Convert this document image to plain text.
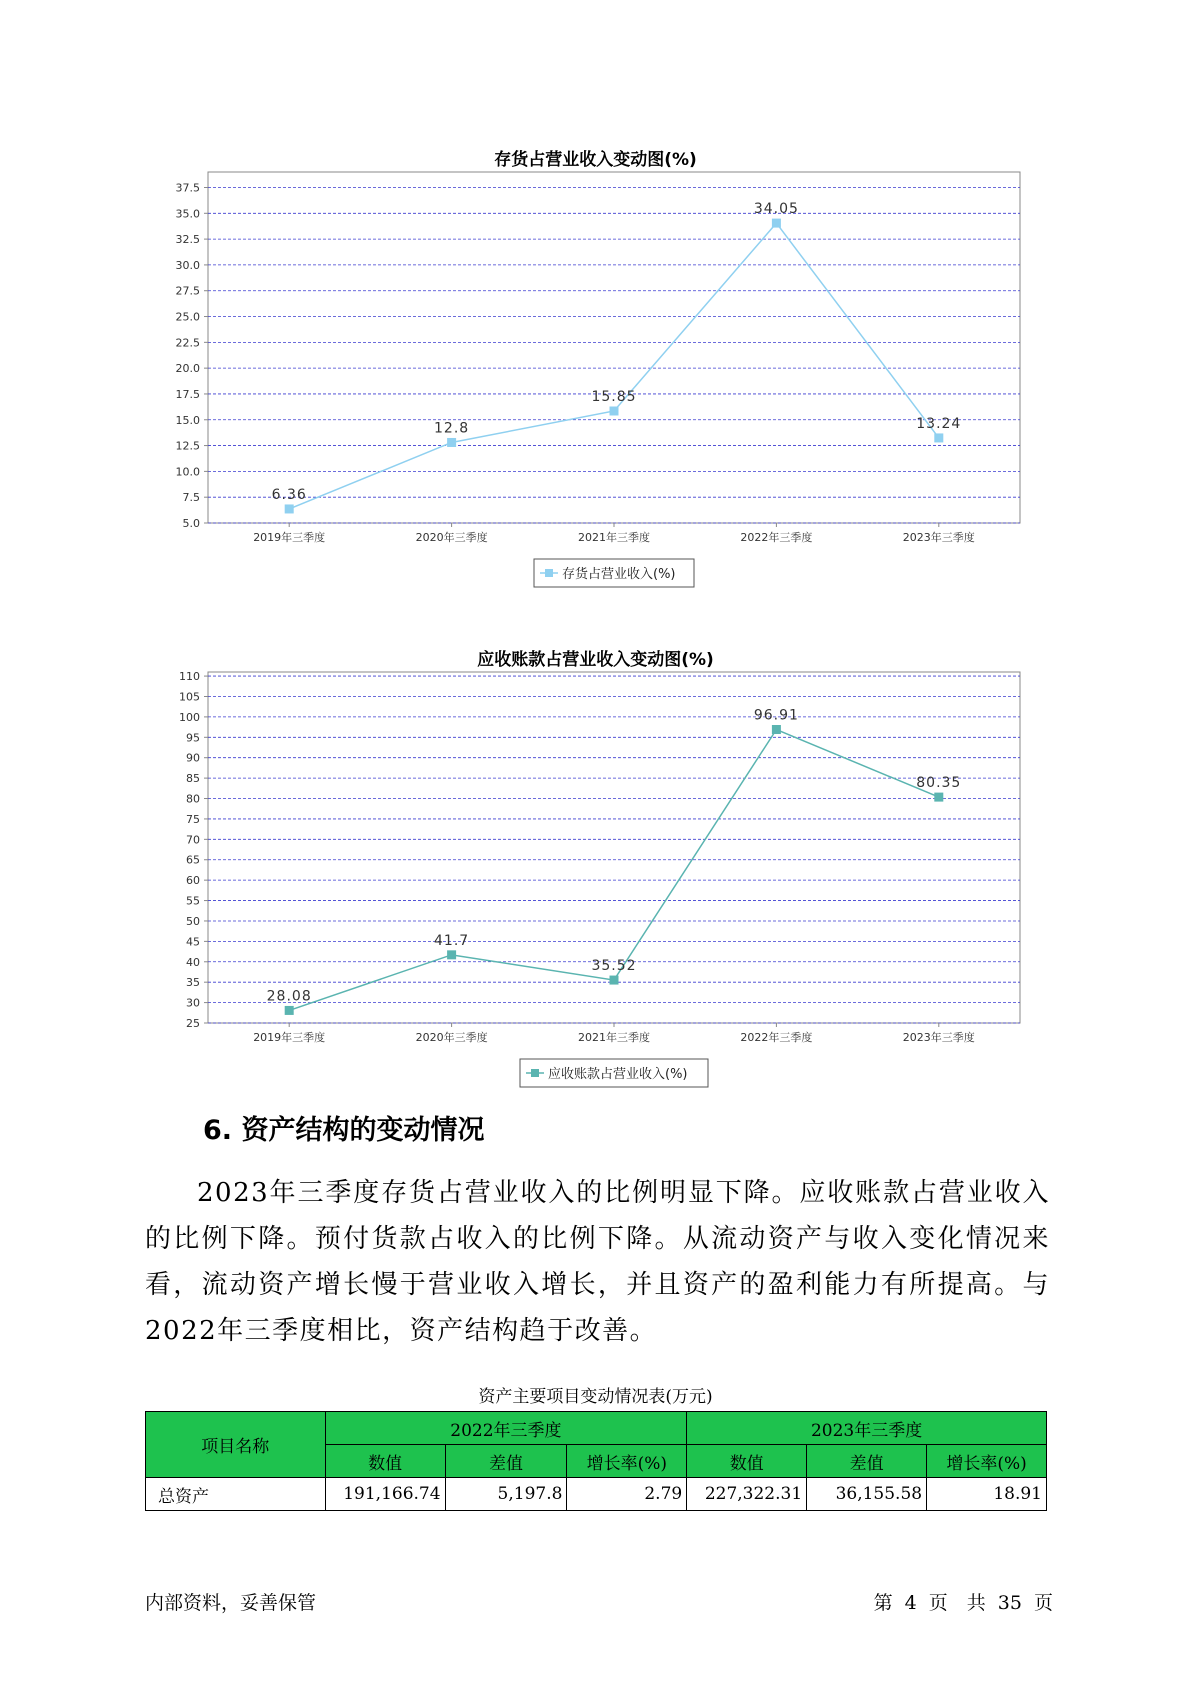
存货占营业收入变动图(%)
5.0
7.5
10.0
12.5
15.0
17.5
20.0
22.5
25.0
27.5
30.0
32.5
35.0
37.5
2019年三季度	2020年三季度	2021年三季度	2022年三季度	2023年三季度
6.36
12.8
15.85
34.05
13.24
存货占营业收入(%)
应收账款占营业收入变动图(%)
25
30
35
40
45
50
55
60
65
70
75
80
85
90
95
100
105
110
2019年三季度	2020年三季度	2021年三季度	2022年三季度	2023年三季度
28.08
41.7
35.52
96.91
80.35
应收账款占营业收入(%)
6. 资产结构的变动情况

2023年三季度存货占营业收入的比例明显下降。应收账款占营业收入的比例下降。预付货款占收入的比例下降。从流动资产与收入变化情况来看，流动资产增长慢于营业收入增长，并且资产的盈利能力有所提高。与2022年三季度相比，资产结构趋于改善。

资产主要项目变动情况表(万元)
项目名称	2022年三季度			2023年三季度		
	数值	差值	增长率(%)	数值	差值	增长率(%)
总资产	191,166.74	5,197.8	2.79	227,322.31	36,155.58	18.91
内部资料，妥善保管	第 4 页　共 35 页
